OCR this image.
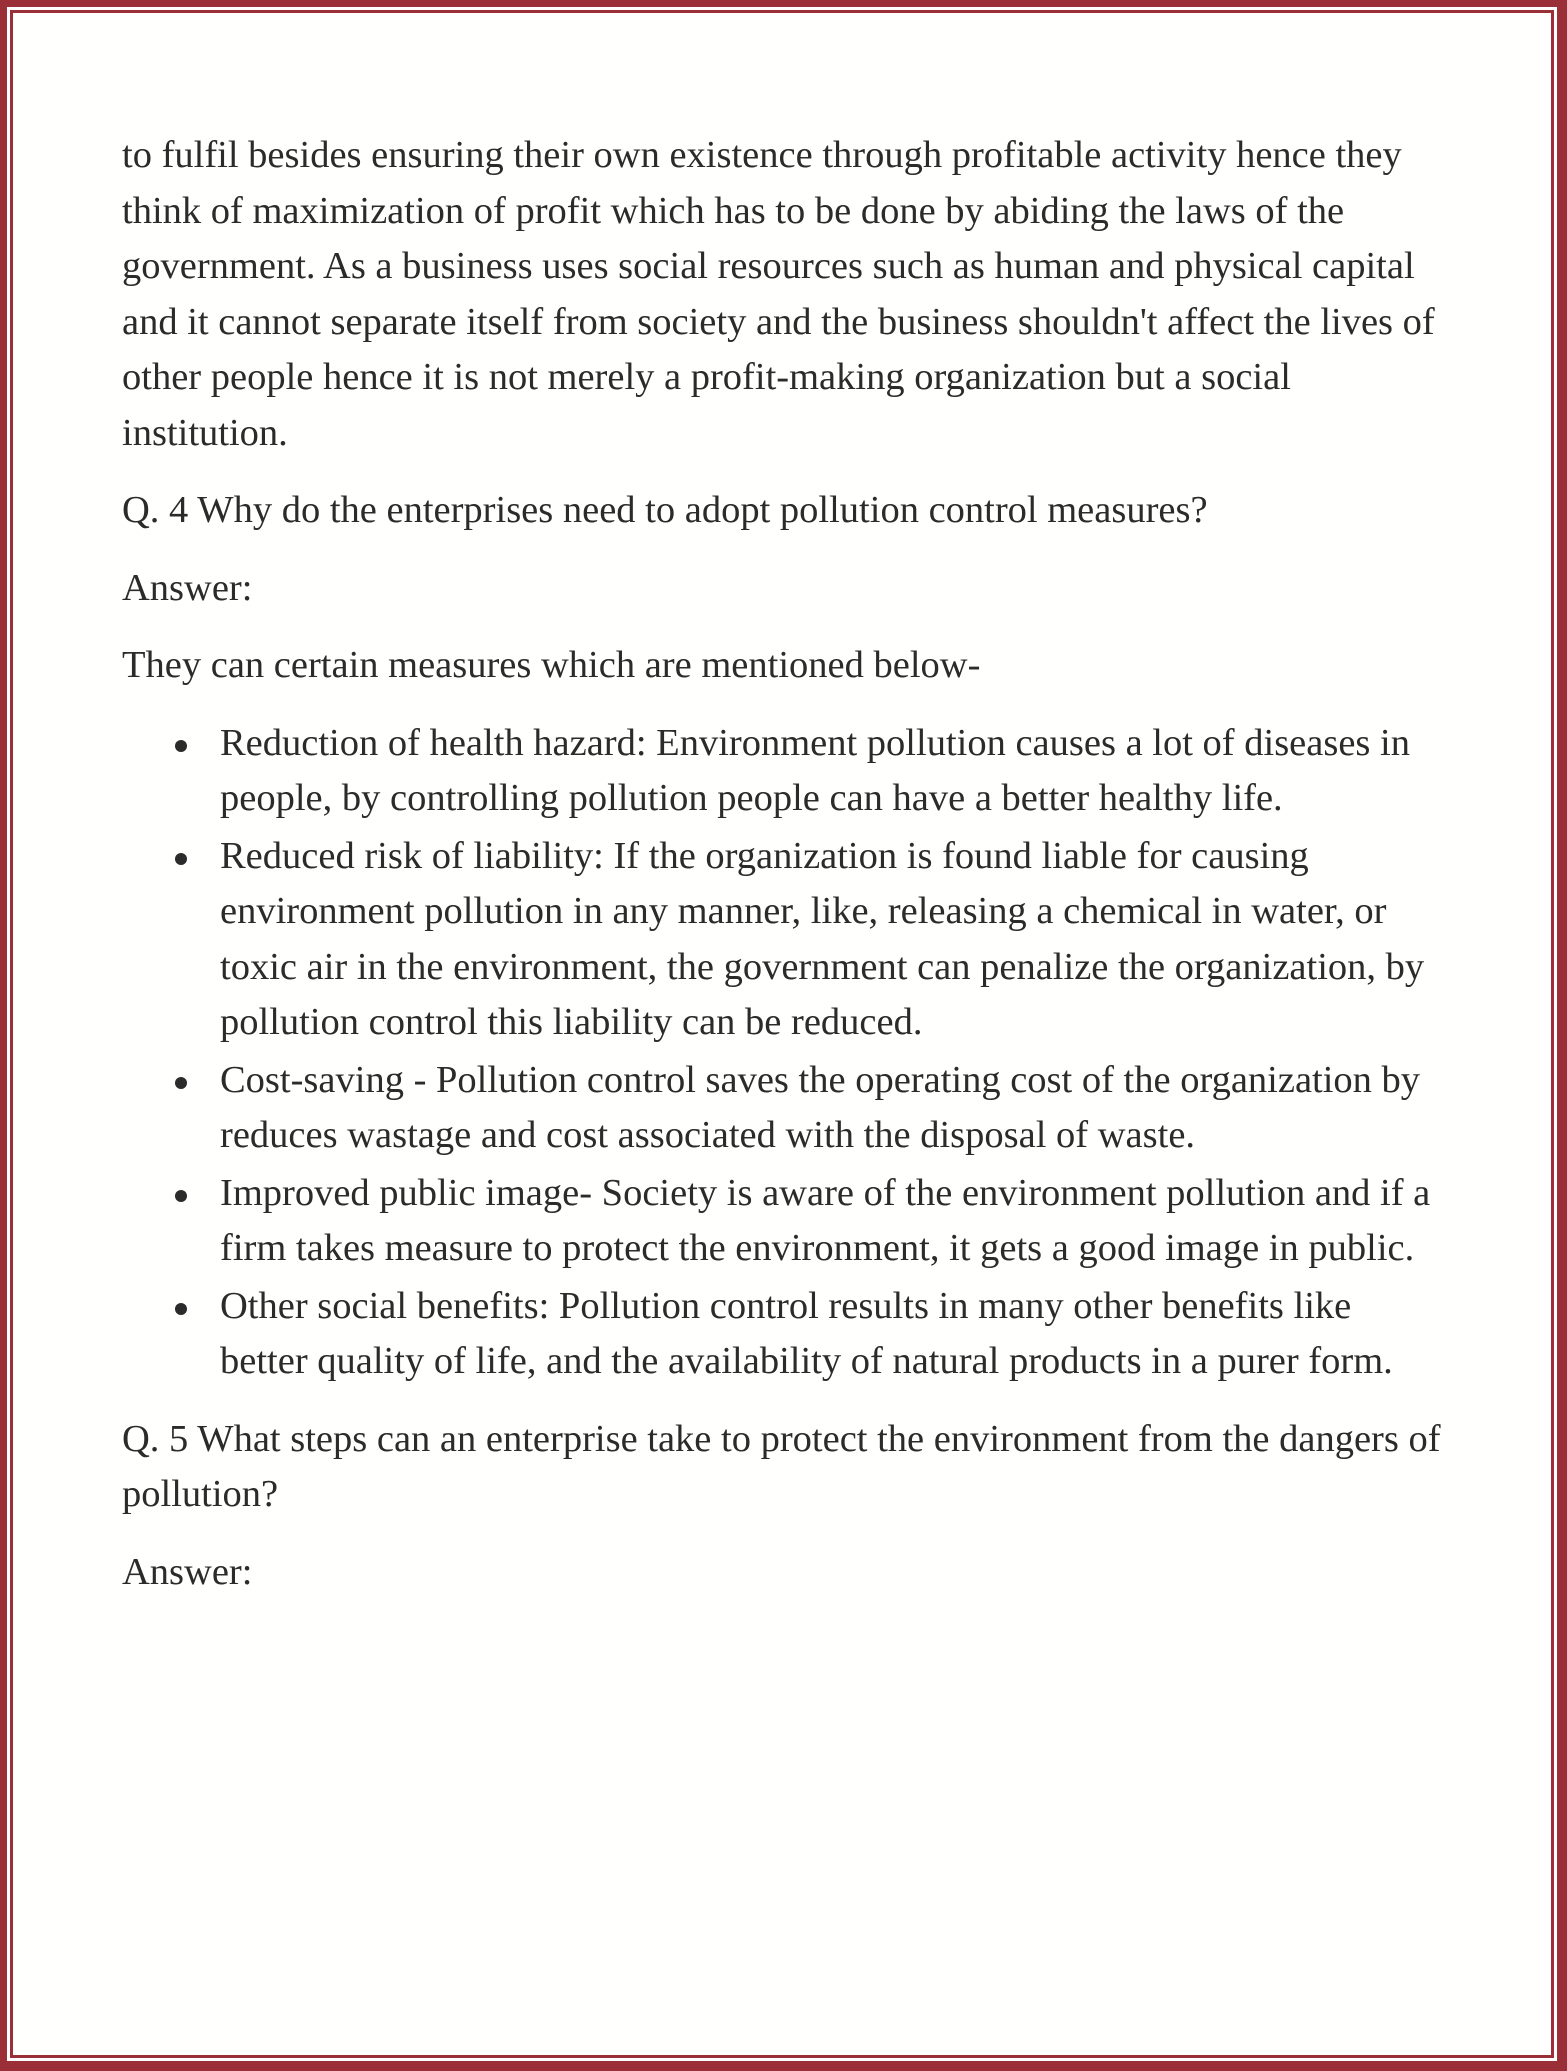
to fulfil besides ensuring their own existence through profitable activity hence they think of maximization of profit which has to be done by abiding the laws of the government. As a business uses social resources such as human and physical capital and it cannot separate itself from society and the business shouldn't affect the lives of other people hence it is not merely a profit-making organization but a social institution.

Q. 4 Why do the enterprises need to adopt pollution control measures?

Answer:

They can certain measures which are mentioned below-

Reduction of health hazard: Environment pollution causes a lot of diseases in people, by controlling pollution people can have a better healthy life.
Reduced risk of liability: If the organization is found liable for causing environment pollution in any manner, like, releasing a chemical in water, or toxic air in the environment, the government can penalize the organization, by pollution control this liability can be reduced.
Cost-saving - Pollution control saves the operating cost of the organization by reduces wastage and cost associated with the disposal of waste.
Improved public image- Society is aware of the environment pollution and if a firm takes measure to protect the environment, it gets a good image in public.
Other social benefits: Pollution control results in many other benefits like better quality of life, and the availability of natural products in a purer form.

Q. 5 What steps can an enterprise take to protect the environment from the dangers of pollution?

Answer:
